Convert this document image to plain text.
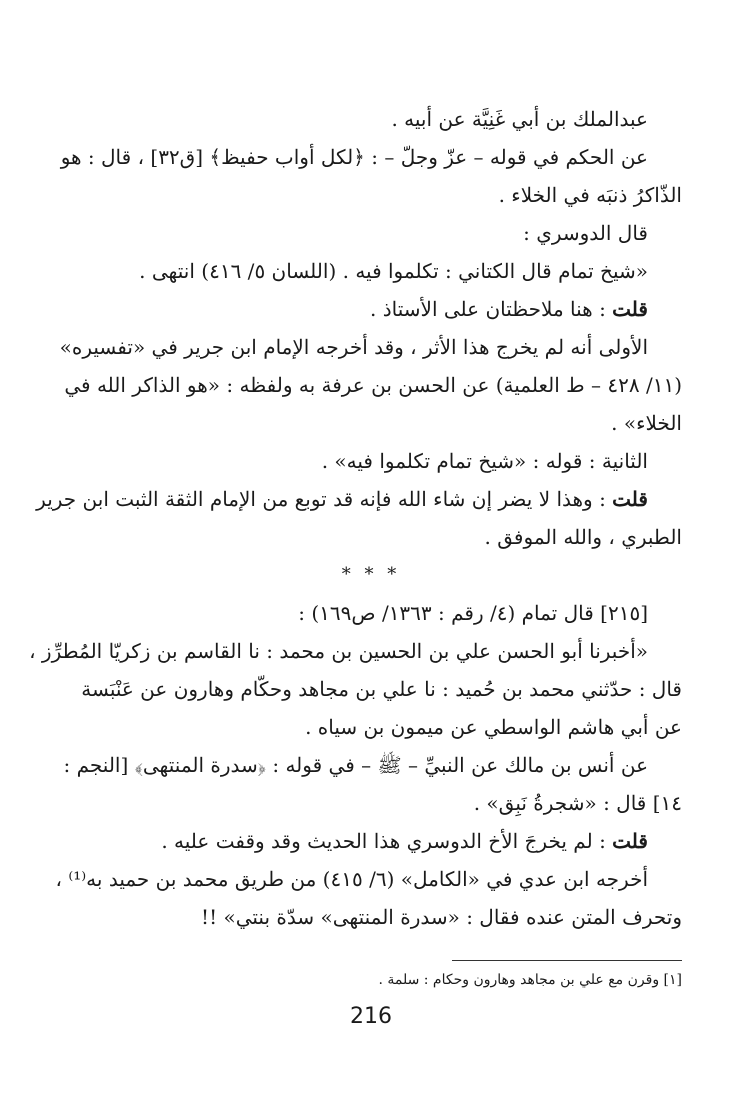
عبدالملك بن أبي غَنِيَّة عن أبيه .
عن الحكم في قوله – عزّ وجلّ – : ﴿لكل أواب حفيظ﴾ [ق٣٢] ، قال : هو
الذّاكرُ ذنبَه في الخلاء .
قال الدوسري :
«شيخ تمام قال الكتاني : تكلموا فيه . (اللسان ٥/ ٤١٦) انتهى .
قلت : هنا ملاحظتان على الأستاذ .
الأولى أنه لم يخرج هذا الأثر ، وقد أخرجه الإمام ابن جرير في «تفسيره»
(١١/ ٤٢٨ – ط العلمية) عن الحسن بن عرفة به ولفظه : «هو الذاكر الله في
الخلاء» .
الثانية : قوله : «شيخ تمام تكلموا فيه» .
قلت : وهذا لا يضر إن شاء الله فإنه قد توبع من الإمام الثقة الثبت ابن جرير
الطبري ، والله الموفق .
* * *
[٢١٥] قال تمام (٤/ رقم : ١٣٦٣/ ص١٦٩) :
«أخبرنا أبو الحسن علي بن الحسين بن محمد : نا القاسم بن زكريّا المُطرِّز ،
قال : حدّثني محمد بن حُميد : نا علي بن مجاهد وحكّام وهارون عن عَنْبَسة
عن أبي هاشم الواسطي عن ميمون بن سياه .
عن أنس بن مالك عن النبيِّ – ﷺ – في قوله : ﴿سدرة المنتهى﴾ [النجم :
١٤] قال : «شجرةُ نَبِق» .
قلت : لم يخرجَ الأخ الدوسري هذا الحديث وقد وقفت عليه .
أخرجه ابن عدي في «الكامل» (٦/ ٤١٥) من طريق محمد بن حميد به⁽¹⁾ ،
وتحرف المتن عنده فقال : «سدرة المنتهى» سدّة بنتي» !!
[١] وقرن مع علي بن مجاهد وهارون وحكام : سلمة .
216
